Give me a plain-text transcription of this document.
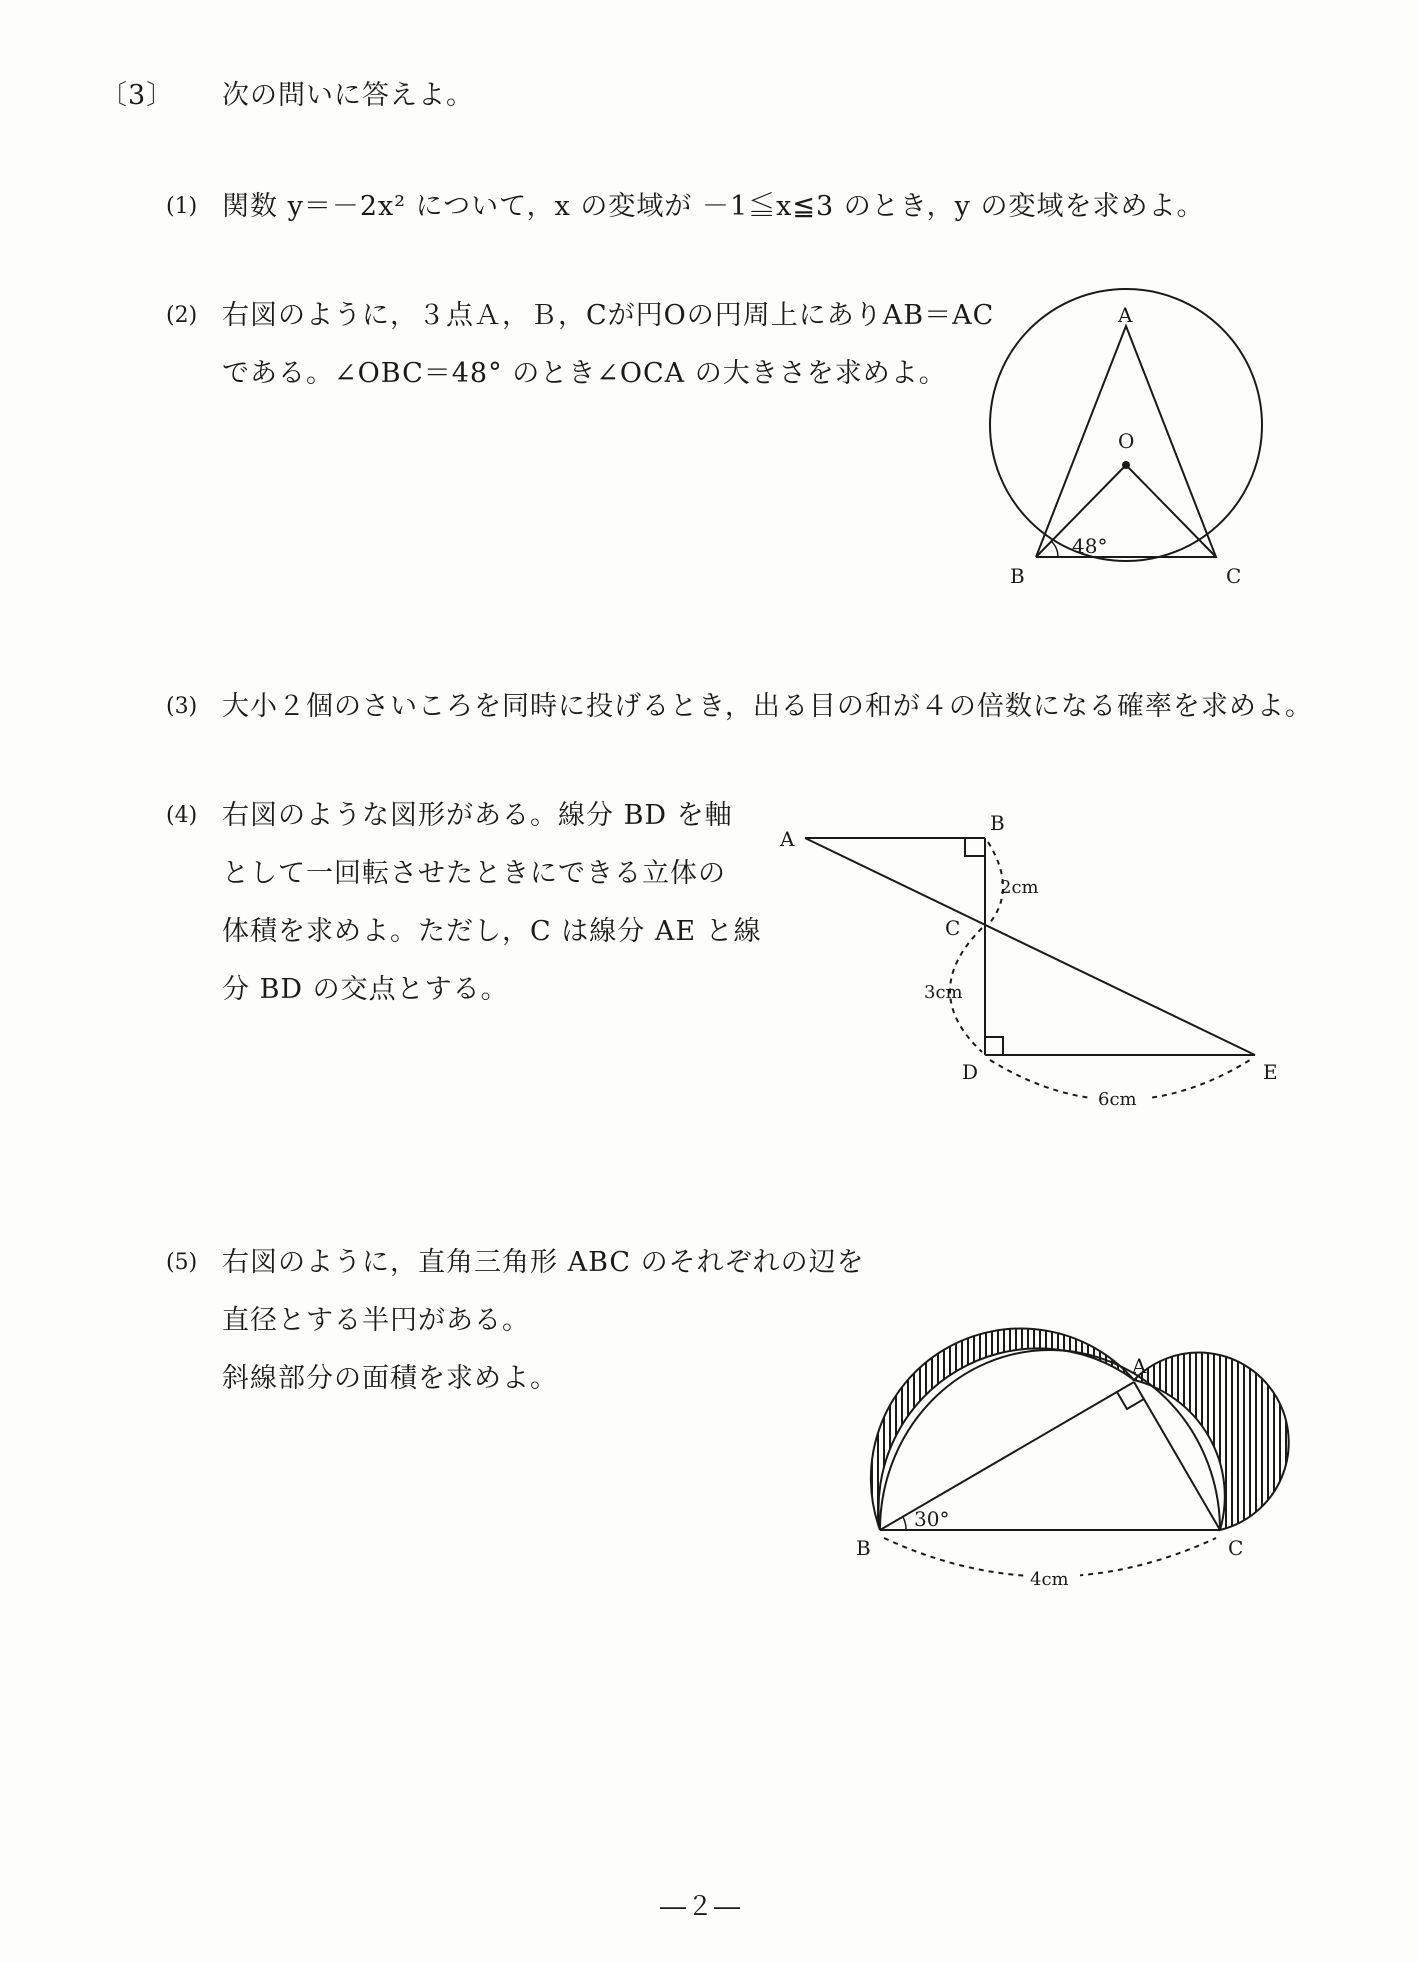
〔3〕 次の問いに答えよ。
(1) 関数 y＝－2x² について，x の変域が －1≦x≦3 のとき，y の変域を求めよ。
(2) 右図のように，３点Ａ，Ｂ，Cが円Oの円周上にありAB＝AC
である。∠OBC＝48° のとき∠OCA の大きさを求めよ。
A
O
B	C
48°
(3) 大小２個のさいころを同時に投げるとき，出る目の和が４の倍数になる確率を求めよ。
(4) 右図のような図形がある。線分 BD を軸
として一回転させたときにできる立体の
体積を求めよ。ただし，C は線分 AE と線
分 BD の交点とする。
A
B
C
D	E
2cm
3cm
6cm
(5) 右図のように，直角三角形 ABC のそれぞれの辺を
直径とする半円がある。
斜線部分の面積を求めよ。	A
B	C
30°
4cm
―２―
